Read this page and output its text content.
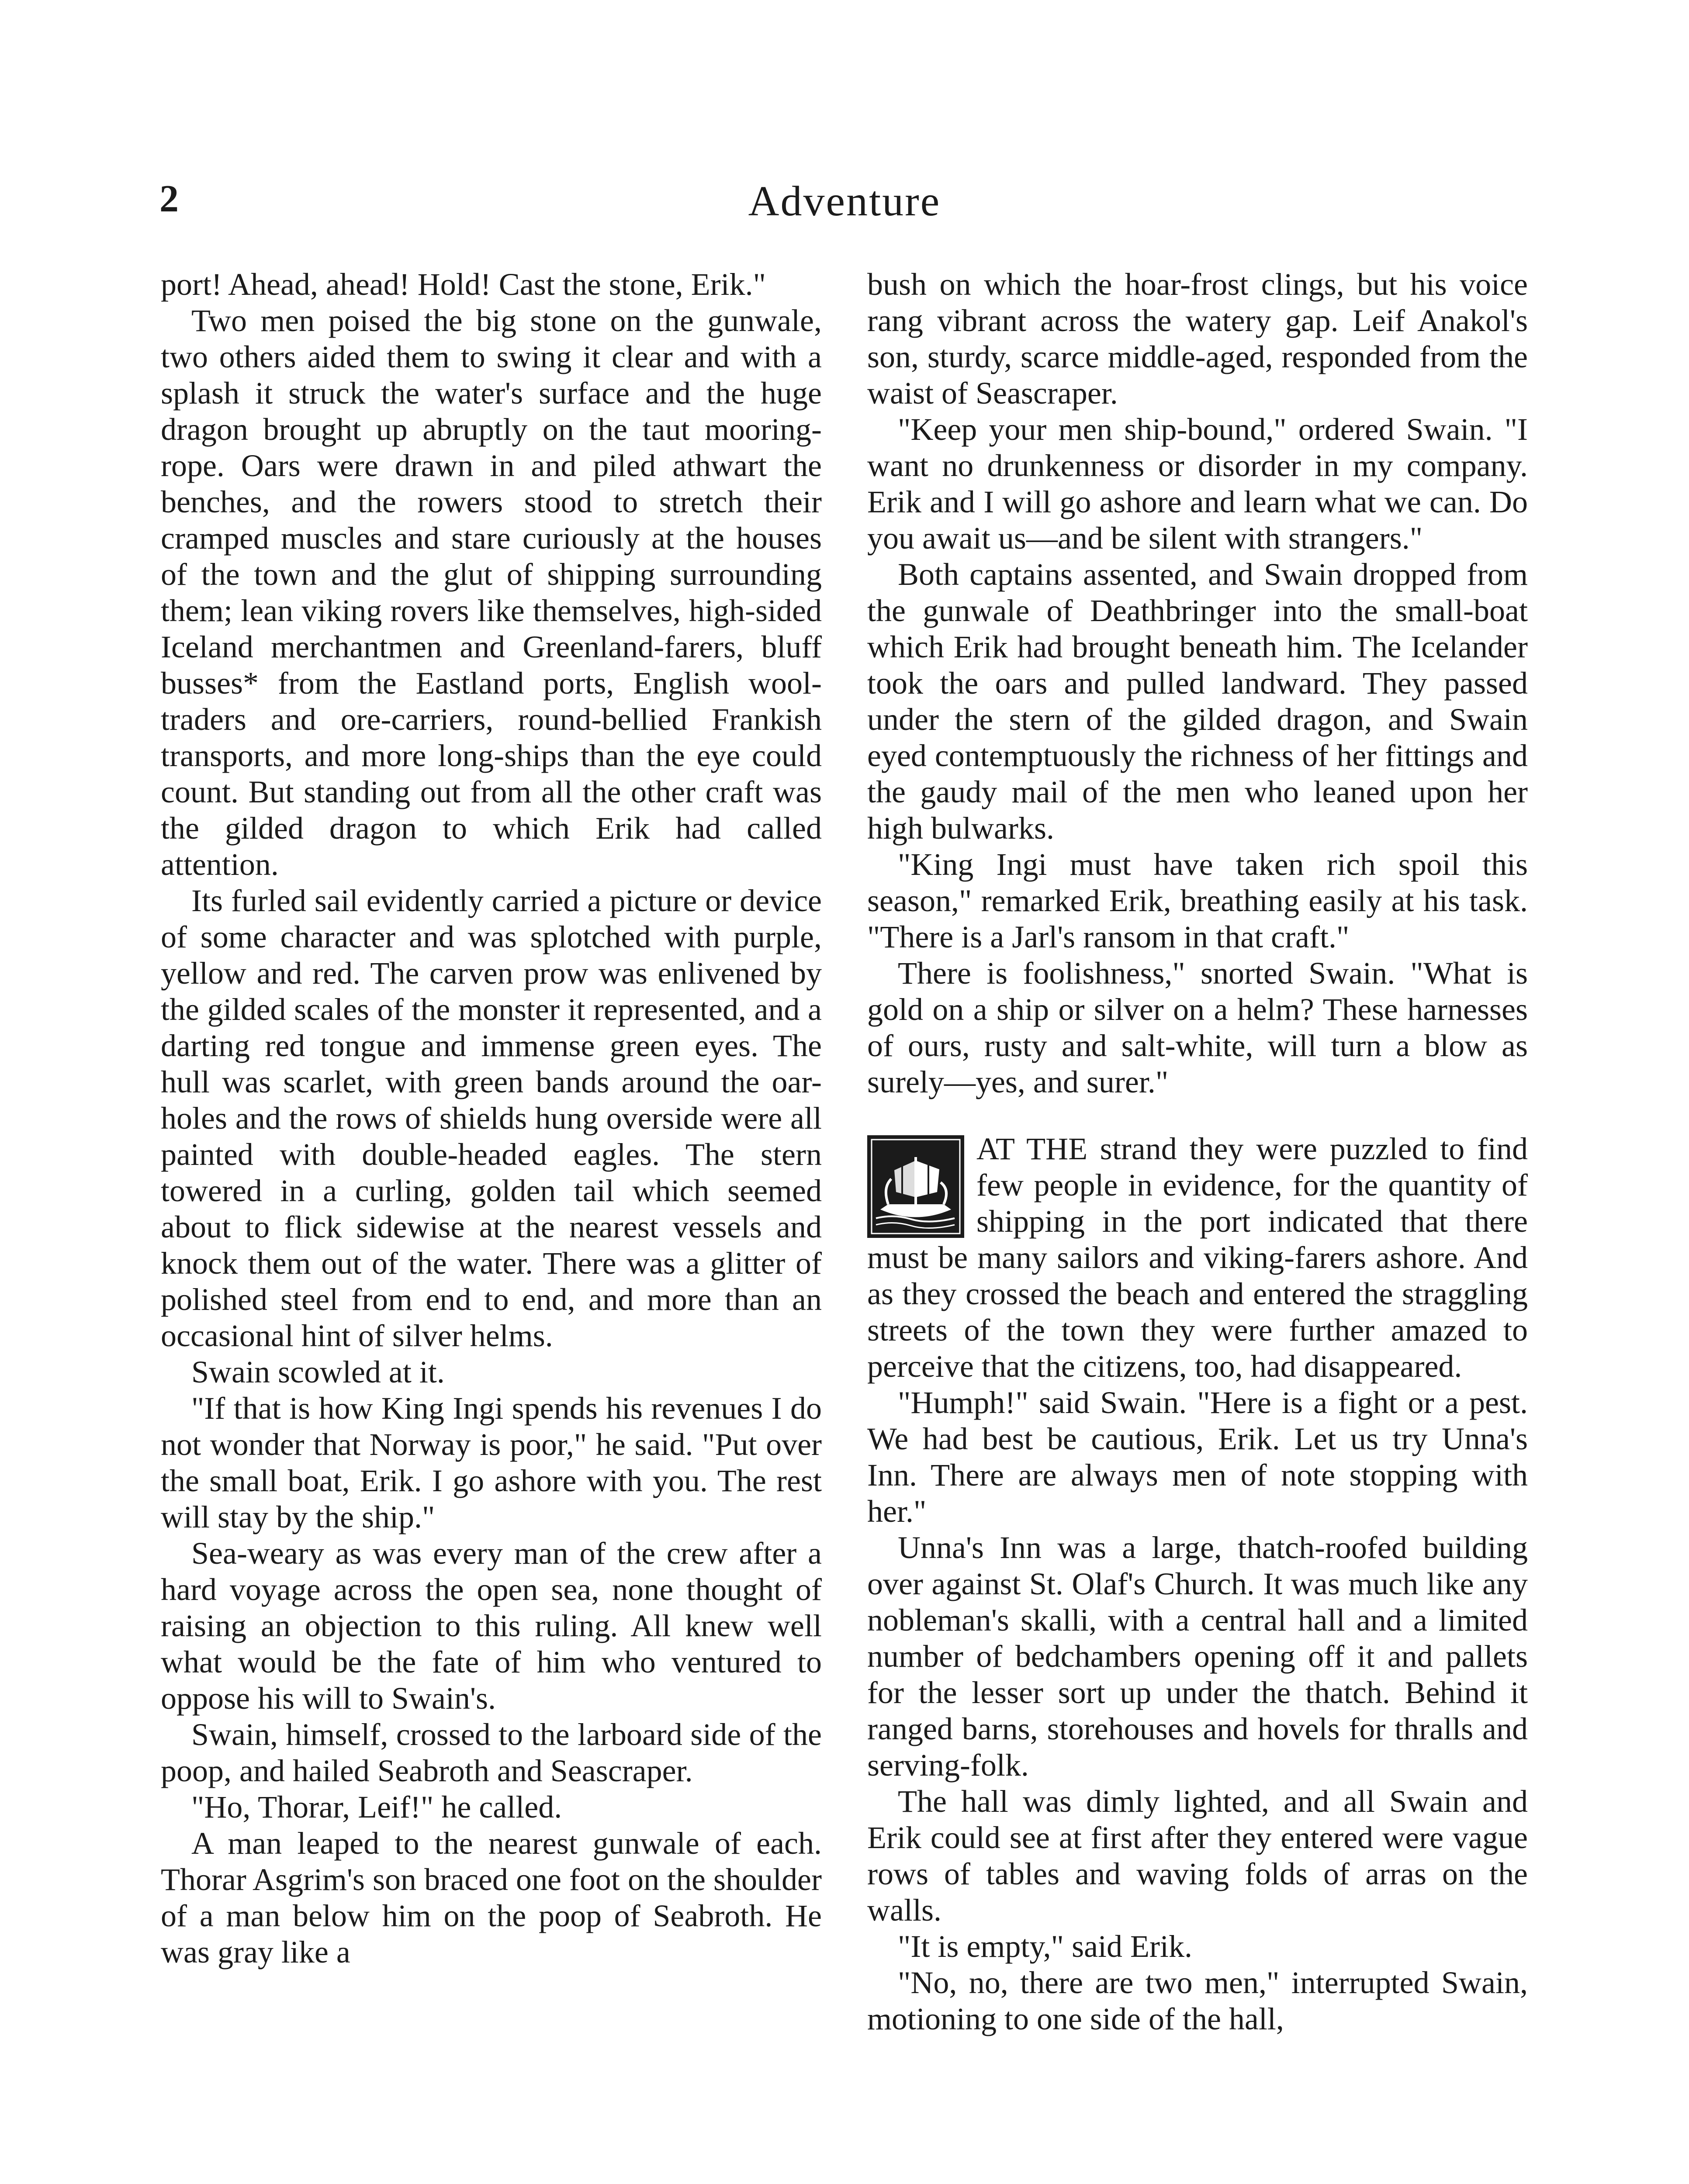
2	Adventure

port! Ahead, ahead! Hold! Cast the stone, Erik."

Two men poised the big stone on the gunwale, two others aided them to swing it clear and with a splash it struck the water's surface and the huge dragon brought up abruptly on the taut mooring-rope. Oars were drawn in and piled athwart the benches, and the rowers stood to stretch their cramped muscles and stare curiously at the houses of the town and the glut of shipping surrounding them; lean viking rovers like themselves, high-sided Iceland merchantmen and Greenland-farers, bluff busses* from the Eastland ports, English wool-traders and ore-carriers, round-bellied Frankish transports, and more long-ships than the eye could count. But standing out from all the other craft was the gilded dragon to which Erik had called attention.

Its furled sail evidently carried a picture or device of some character and was splotched with purple, yellow and red. The carven prow was enlivened by the gilded scales of the monster it represented, and a darting red tongue and immense green eyes. The hull was scarlet, with green bands around the oar-holes and the rows of shields hung overside were all painted with double-headed eagles. The stern towered in a curling, golden tail which seemed about to flick sidewise at the nearest vessels and knock them out of the water. There was a glitter of polished steel from end to end, and more than an occasional hint of silver helms.

Swain scowled at it.

"If that is how King Ingi spends his revenues I do not wonder that Norway is poor," he said. "Put over the small boat, Erik. I go ashore with you. The rest will stay by the ship."

Sea-weary as was every man of the crew after a hard voyage across the open sea, none thought of raising an objection to this ruling. All knew well what would be the fate of him who ventured to oppose his will to Swain's.

Swain, himself, crossed to the larboard side of the poop, and hailed Seabroth and Seascraper.

"Ho, Thorar, Leif!" he called.

A man leaped to the nearest gunwale of each. Thorar Asgrim's son braced one foot on the shoulder of a man below him on the poop of Seabroth. He was gray like a

bush on which the hoar-frost clings, but his voice rang vibrant across the watery gap. Leif Anakol's son, sturdy, scarce middle-aged, responded from the waist of Seascraper.

"Keep your men ship-bound," ordered Swain. "I want no drunkenness or disorder in my company. Erik and I will go ashore and learn what we can. Do you await us—and be silent with strangers."

Both captains assented, and Swain dropped from the gunwale of Deathbringer into the small-boat which Erik had brought beneath him. The Icelander took the oars and pulled landward. They passed under the stern of the gilded dragon, and Swain eyed contemptuously the richness of her fittings and the gaudy mail of the men who leaned upon her high bulwarks.

"King Ingi must have taken rich spoil this season," remarked Erik, breathing easily at his task. "There is a Jarl's ransom in that craft."

There is foolishness," snorted Swain. "What is gold on a ship or silver on a helm? These harnesses of ours, rusty and salt-white, will turn a blow as surely—yes, and surer."

AT THE strand they were puzzled to find few people in evidence, for the quantity of shipping in the port indicated that there must be many sailors and viking-farers ashore. And as they crossed the beach and entered the straggling streets of the town they were further amazed to perceive that the citizens, too, had disappeared.

"Humph!" said Swain. "Here is a fight or a pest. We had best be cautious, Erik. Let us try Unna's Inn. There are always men of note stopping with her."

Unna's Inn was a large, thatch-roofed building over against St. Olaf's Church. It was much like any nobleman's skalli, with a central hall and a limited number of bedchambers opening off it and pallets for the lesser sort up under the thatch. Behind it ranged barns, storehouses and hovels for thralls and serving-folk.

The hall was dimly lighted, and all Swain and Erik could see at first after they entered were vague rows of tables and waving folds of arras on the walls.

"It is empty," said Erik.

"No, no, there are two men," interrupted Swain, motioning to one side of the hall,
